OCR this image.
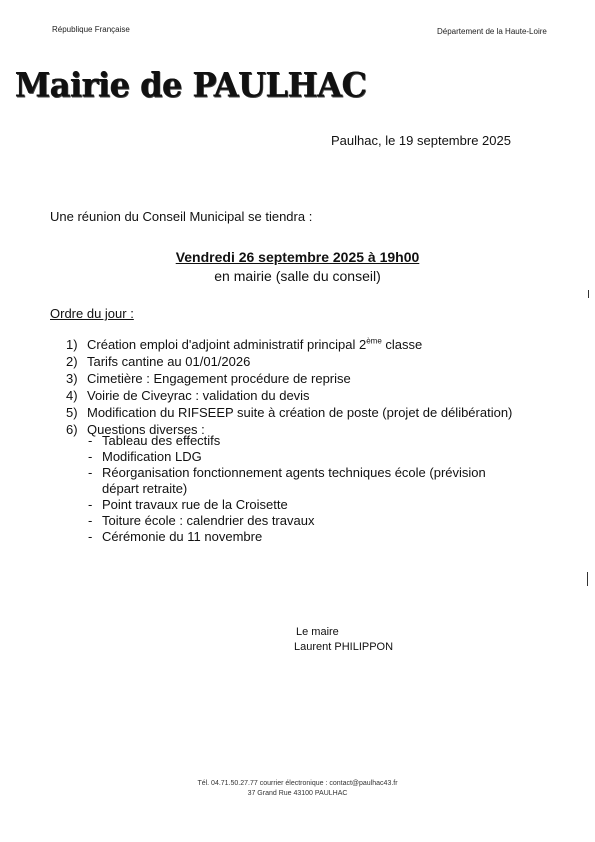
République Française	Département de la Haute-Loire
Mairie de PAULHAC
Paulhac, le 19 septembre 2025
Une réunion du Conseil Municipal se tiendra :
Vendredi 26 septembre 2025 à 19h00
en mairie (salle du conseil)
Ordre du jour :
1) Création emploi d'adjoint administratif principal 2ème classe
2) Tarifs cantine au 01/01/2026
3) Cimetière : Engagement procédure de reprise
4) Voirie de Civeyrac : validation du devis
5) Modification du RIFSEEP suite à création de poste (projet de délibération)
6) Questions diverses :
- Tableau des effectifs
- Modification LDG
- Réorganisation fonctionnement agents techniques école (prévision départ retraite)
- Point travaux rue de la Croisette
- Toiture école : calendrier des travaux
- Cérémonie du 11 novembre
Le maire
Laurent PHILIPPON
Tél. 04.71.50.27.77 courrier électronique : contact@paulhac43.fr
37 Grand Rue 43100 PAULHAC
